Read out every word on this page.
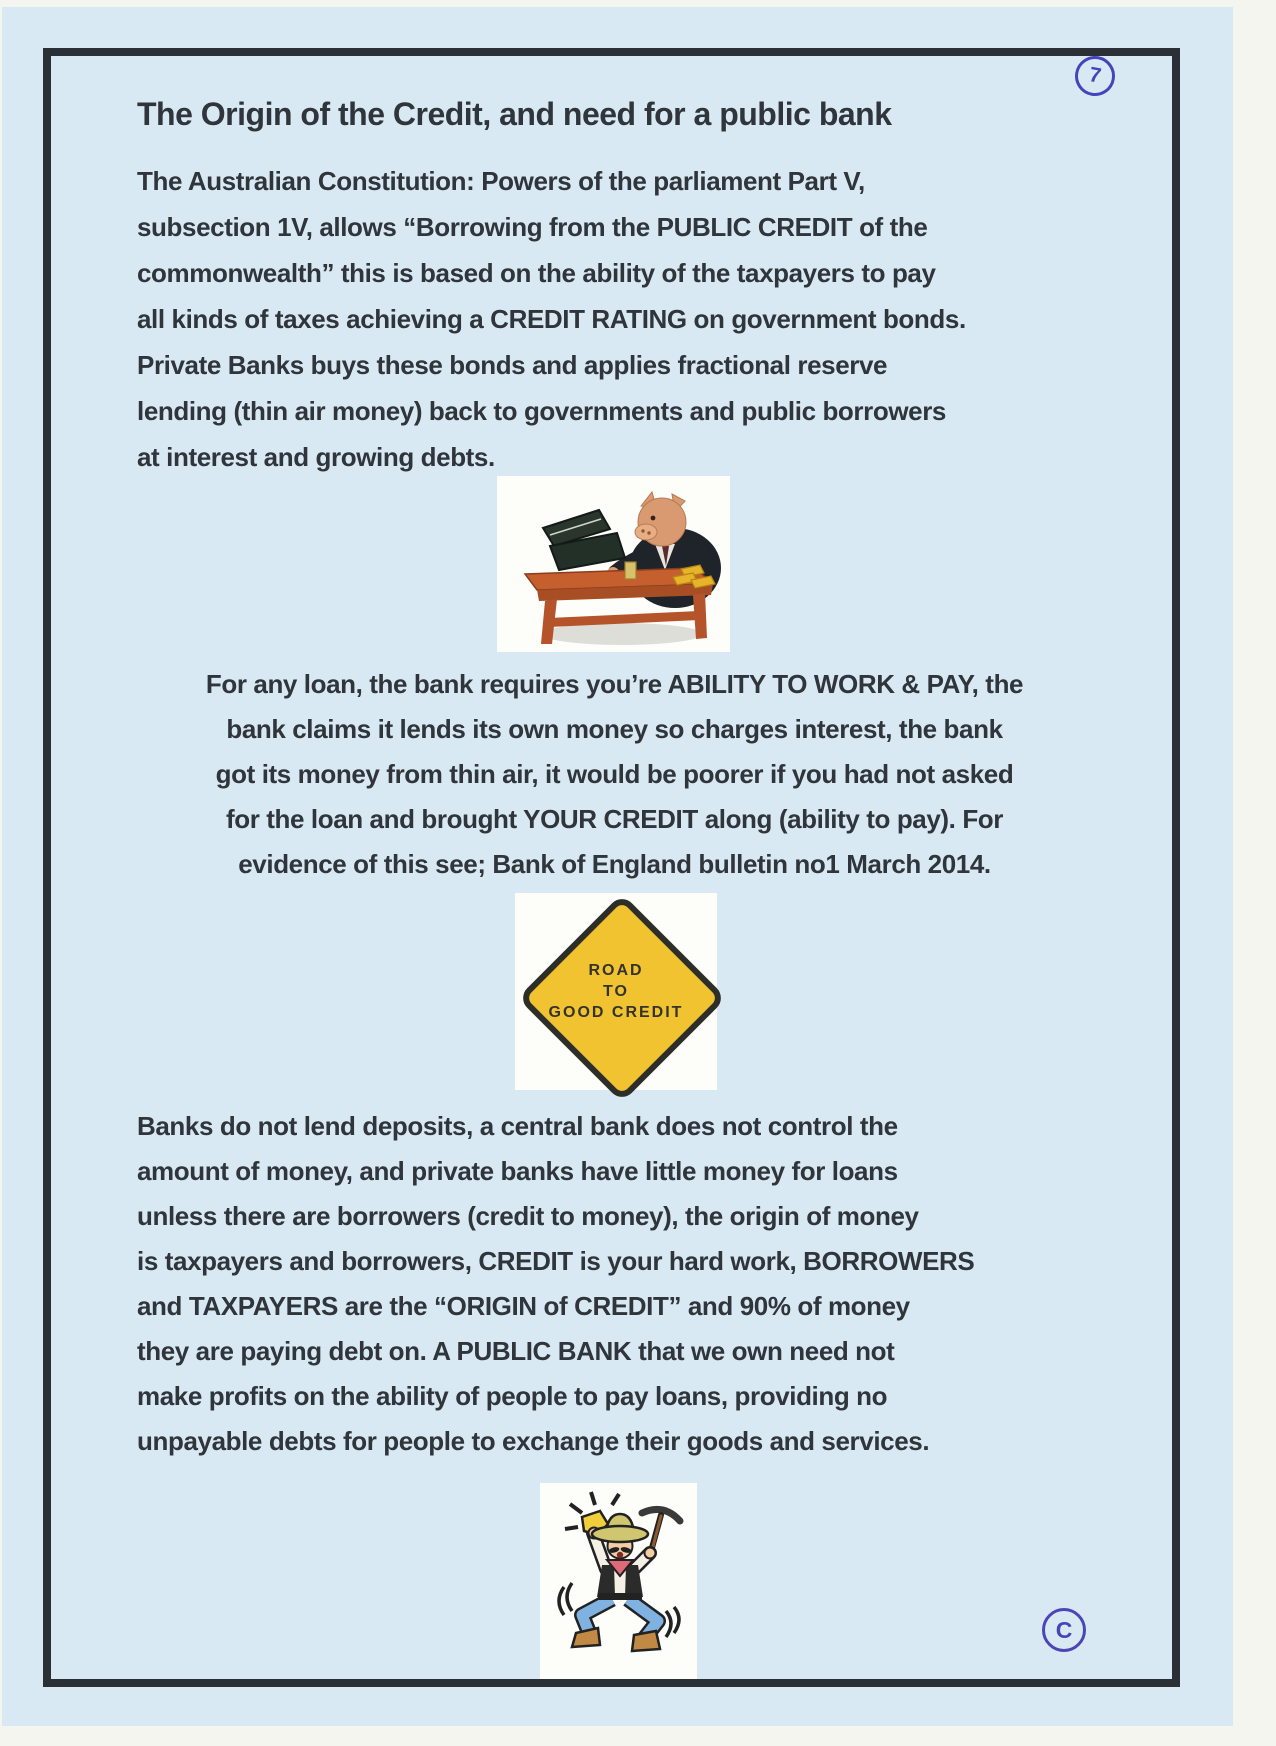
7
The Origin of the Credit, and need for a public bank
The Australian Constitution: Powers of the parliament Part V,
subsection 1V, allows “Borrowing from the PUBLIC CREDIT of the
commonwealth” this is based on the ability of the taxpayers to pay
all kinds of taxes achieving a CREDIT RATING on government bonds.
Private Banks buys these bonds and applies fractional reserve
lending (thin air money) back to governments and public borrowers
at interest and growing debts.
For any loan, the bank requires you’re ABILITY TO WORK & PAY, the
bank claims it lends its own money so charges interest, the bank
got its money from thin air, it would be poorer if you had not asked
for the loan and brought YOUR CREDIT along (ability to pay). For
evidence of this see; Bank of England bulletin no1 March 2014.
ROAD
TO
GOOD CREDIT
Banks do not lend deposits, a central bank does not control the
amount of money, and private banks have little money for loans
unless there are borrowers (credit to money), the origin of money
is taxpayers and borrowers, CREDIT is your hard work, BORROWERS
and TAXPAYERS are the “ORIGIN of CREDIT” and 90% of money
they are paying debt on. A PUBLIC BANK that we own need not
make profits on the ability of people to pay loans, providing no
unpayable debts for people to exchange their goods and services.
C
